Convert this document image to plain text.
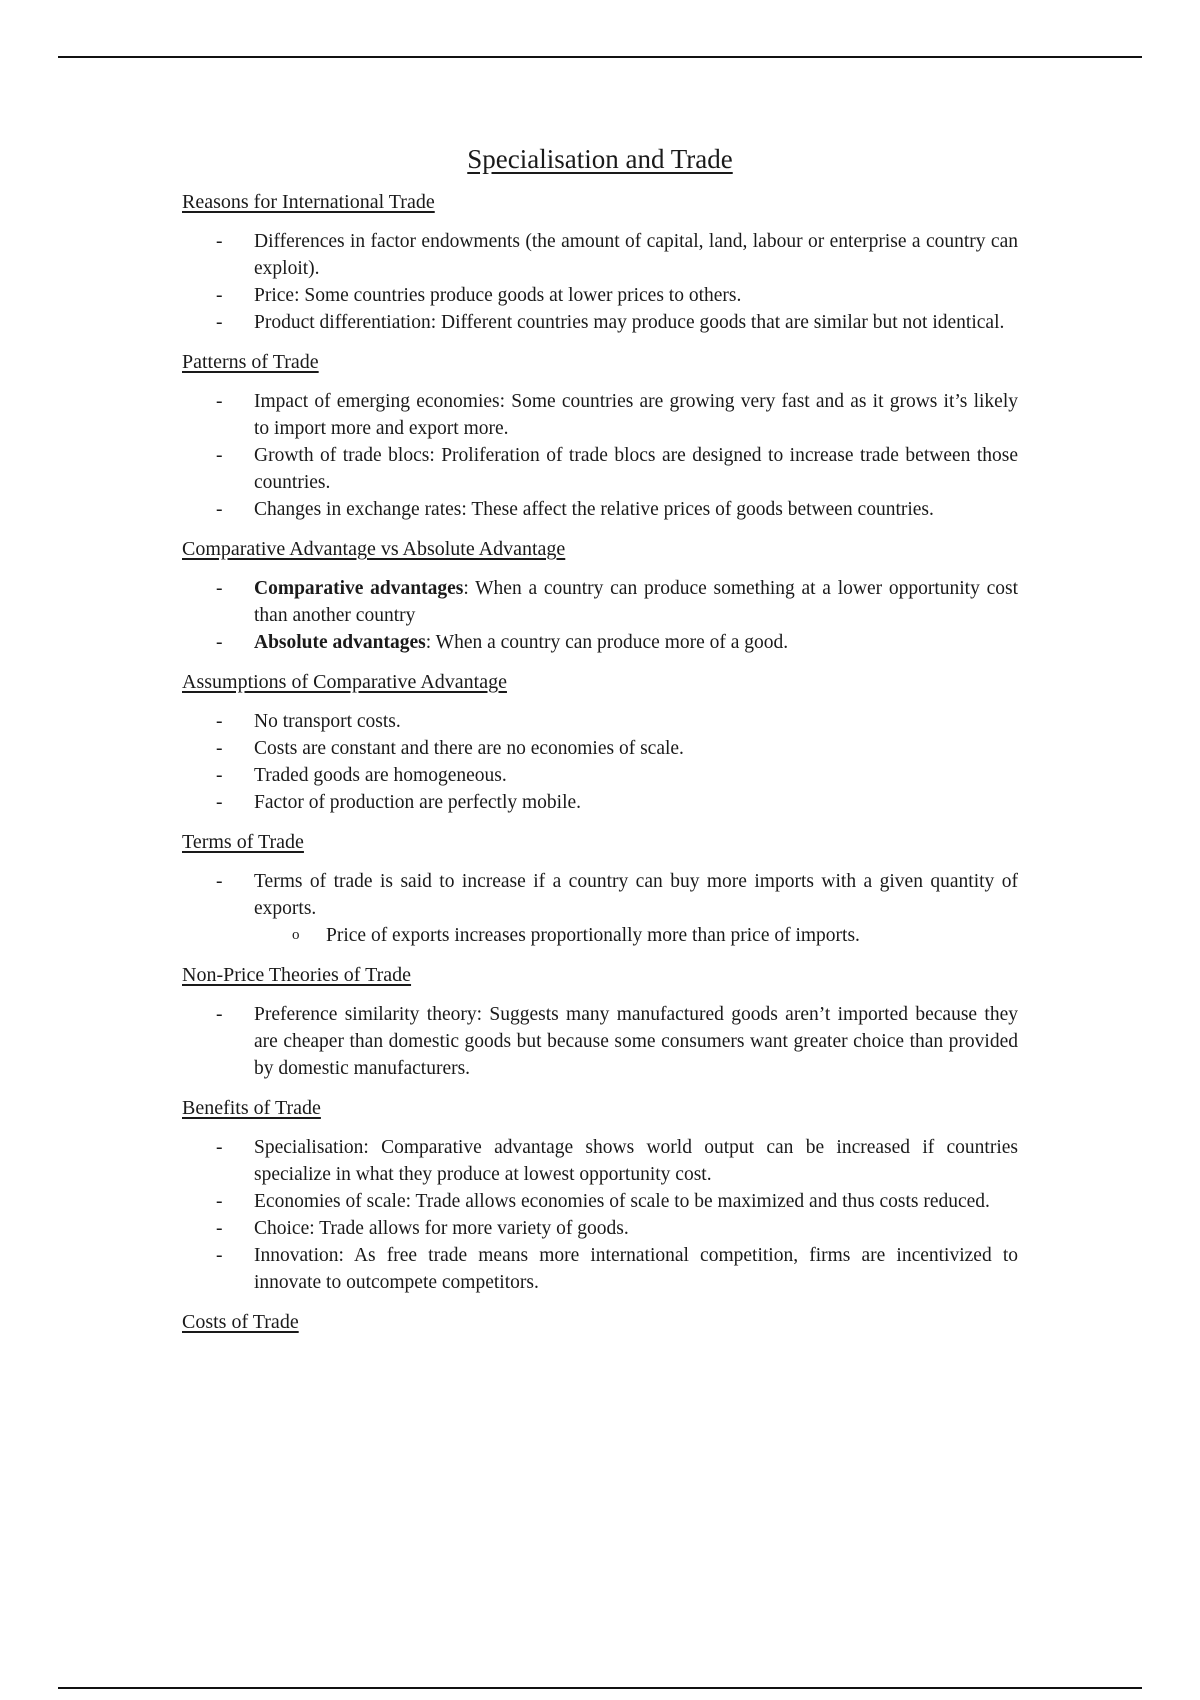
Specialisation and Trade
Reasons for International Trade
- Differences in factor endowments (the amount of capital, land, labour or enterprise a country can exploit).
- Price: Some countries produce goods at lower prices to others.
- Product differentiation: Different countries may produce goods that are similar but not identical.
Patterns of Trade
- Impact of emerging economies: Some countries are growing very fast and as it grows it’s likely to import more and export more.
- Growth of trade blocs: Proliferation of trade blocs are designed to increase trade between those countries.
- Changes in exchange rates: These affect the relative prices of goods between countries.
Comparative Advantage vs Absolute Advantage
- Comparative advantages: When a country can produce something at a lower opportunity cost than another country
- Absolute advantages: When a country can produce more of a good.
Assumptions of Comparative Advantage
- No transport costs.
- Costs are constant and there are no economies of scale.
- Traded goods are homogeneous.
- Factor of production are perfectly mobile.
Terms of Trade
- Terms of trade is said to increase if a country can buy more imports with a given quantity of exports.
o Price of exports increases proportionally more than price of imports.
Non-Price Theories of Trade
- Preference similarity theory: Suggests many manufactured goods aren’t imported because they are cheaper than domestic goods but because some consumers want greater choice than provided by domestic manufacturers.
Benefits of Trade
- Specialisation: Comparative advantage shows world output can be increased if countries specialize in what they produce at lowest opportunity cost.
- Economies of scale: Trade allows economies of scale to be maximized and thus costs reduced.
- Choice: Trade allows for more variety of goods.
- Innovation: As free trade means more international competition, firms are incentivized to innovate to outcompete competitors.
Costs of Trade
